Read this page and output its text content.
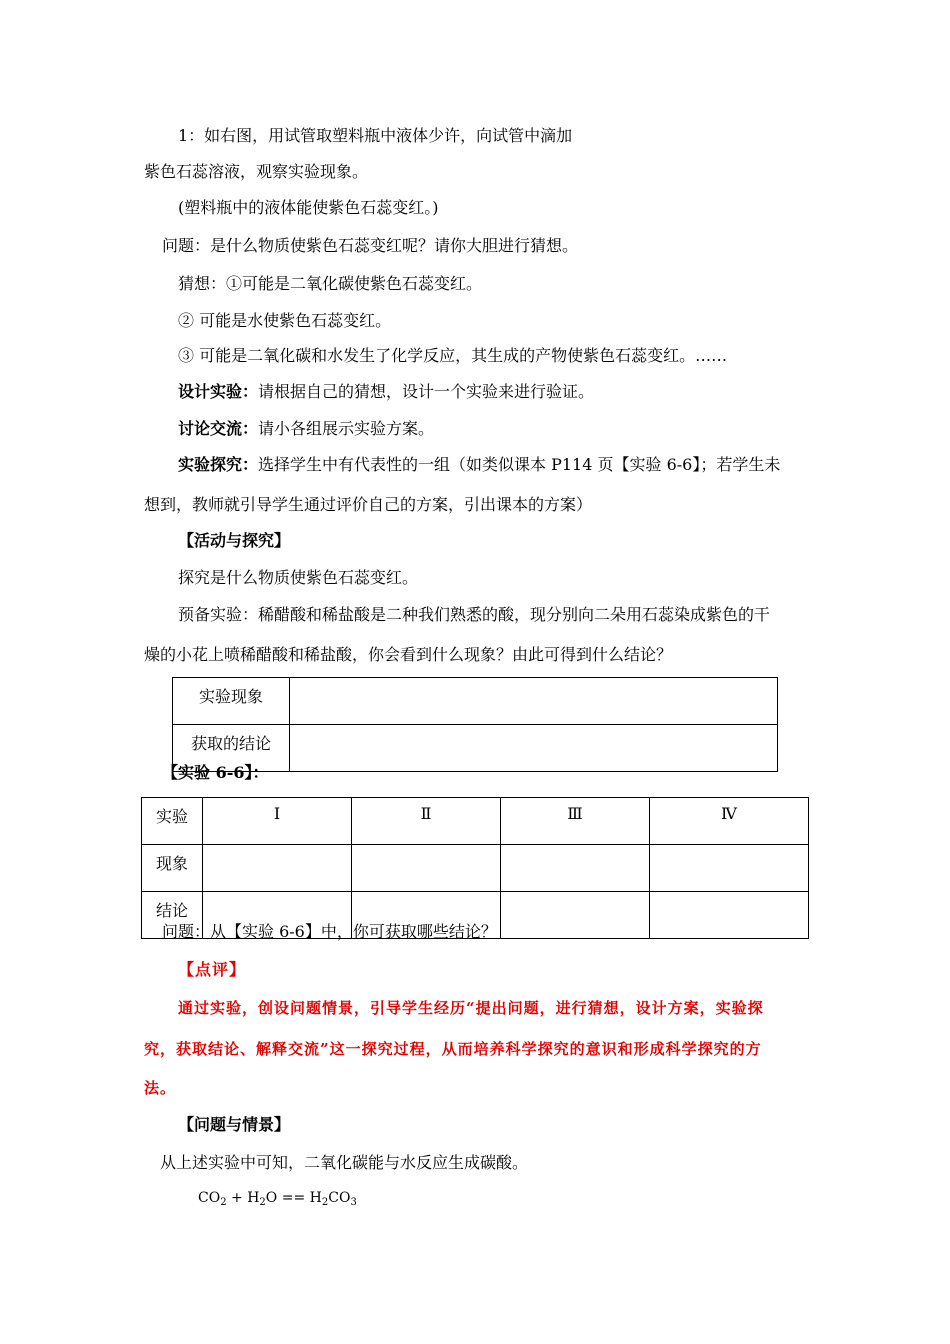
1：如右图，用试管取塑料瓶中液体少许，向试管中滴加
紫色石蕊溶液，观察实验现象。
(塑料瓶中的液体能使紫色石蕊变红。)
问题：是什么物质使紫色石蕊变红呢？请你大胆进行猜想。
猜想：①可能是二氧化碳使紫色石蕊变红。
② 可能是水使紫色石蕊变红。
③ 可能是二氧化碳和水发生了化学反应，其生成的产物使紫色石蕊变红。……
设计实验：请根据自己的猜想，设计一个实验来进行验证。
讨论交流：请小各组展示实验方案。
实验探究：选择学生中有代表性的一组（如类似课本 P114 页【实验 6-6】；若学生未
想到，教师就引导学生通过评价自己的方案，引出课本的方案）
【活动与探究】
探究是什么物质使紫色石蕊变红。
预备实验：稀醋酸和稀盐酸是二种我们熟悉的酸，现分别向二朵用石蕊染成紫色的干
燥的小花上喷稀醋酸和稀盐酸，你会看到什么现象？由此可得到什么结论？
实验现象	
获取的结论	
【实验 6-6】：
实验	Ⅰ	Ⅱ	Ⅲ	Ⅳ
现象				
结论				
问题：从【实验 6-6】中，你可获取哪些结论？
【点评】
通过实验，创设问题情景，引导学生经历“提出问题，进行猜想，设计方案，实验探
究，获取结论、解释交流”这一探究过程，从而培养科学探究的意识和形成科学探究的方
法。
【问题与情景】
从上述实验中可知，二氧化碳能与水反应生成碳酸。
$CO_2 + H_2O == H_2CO_3$
